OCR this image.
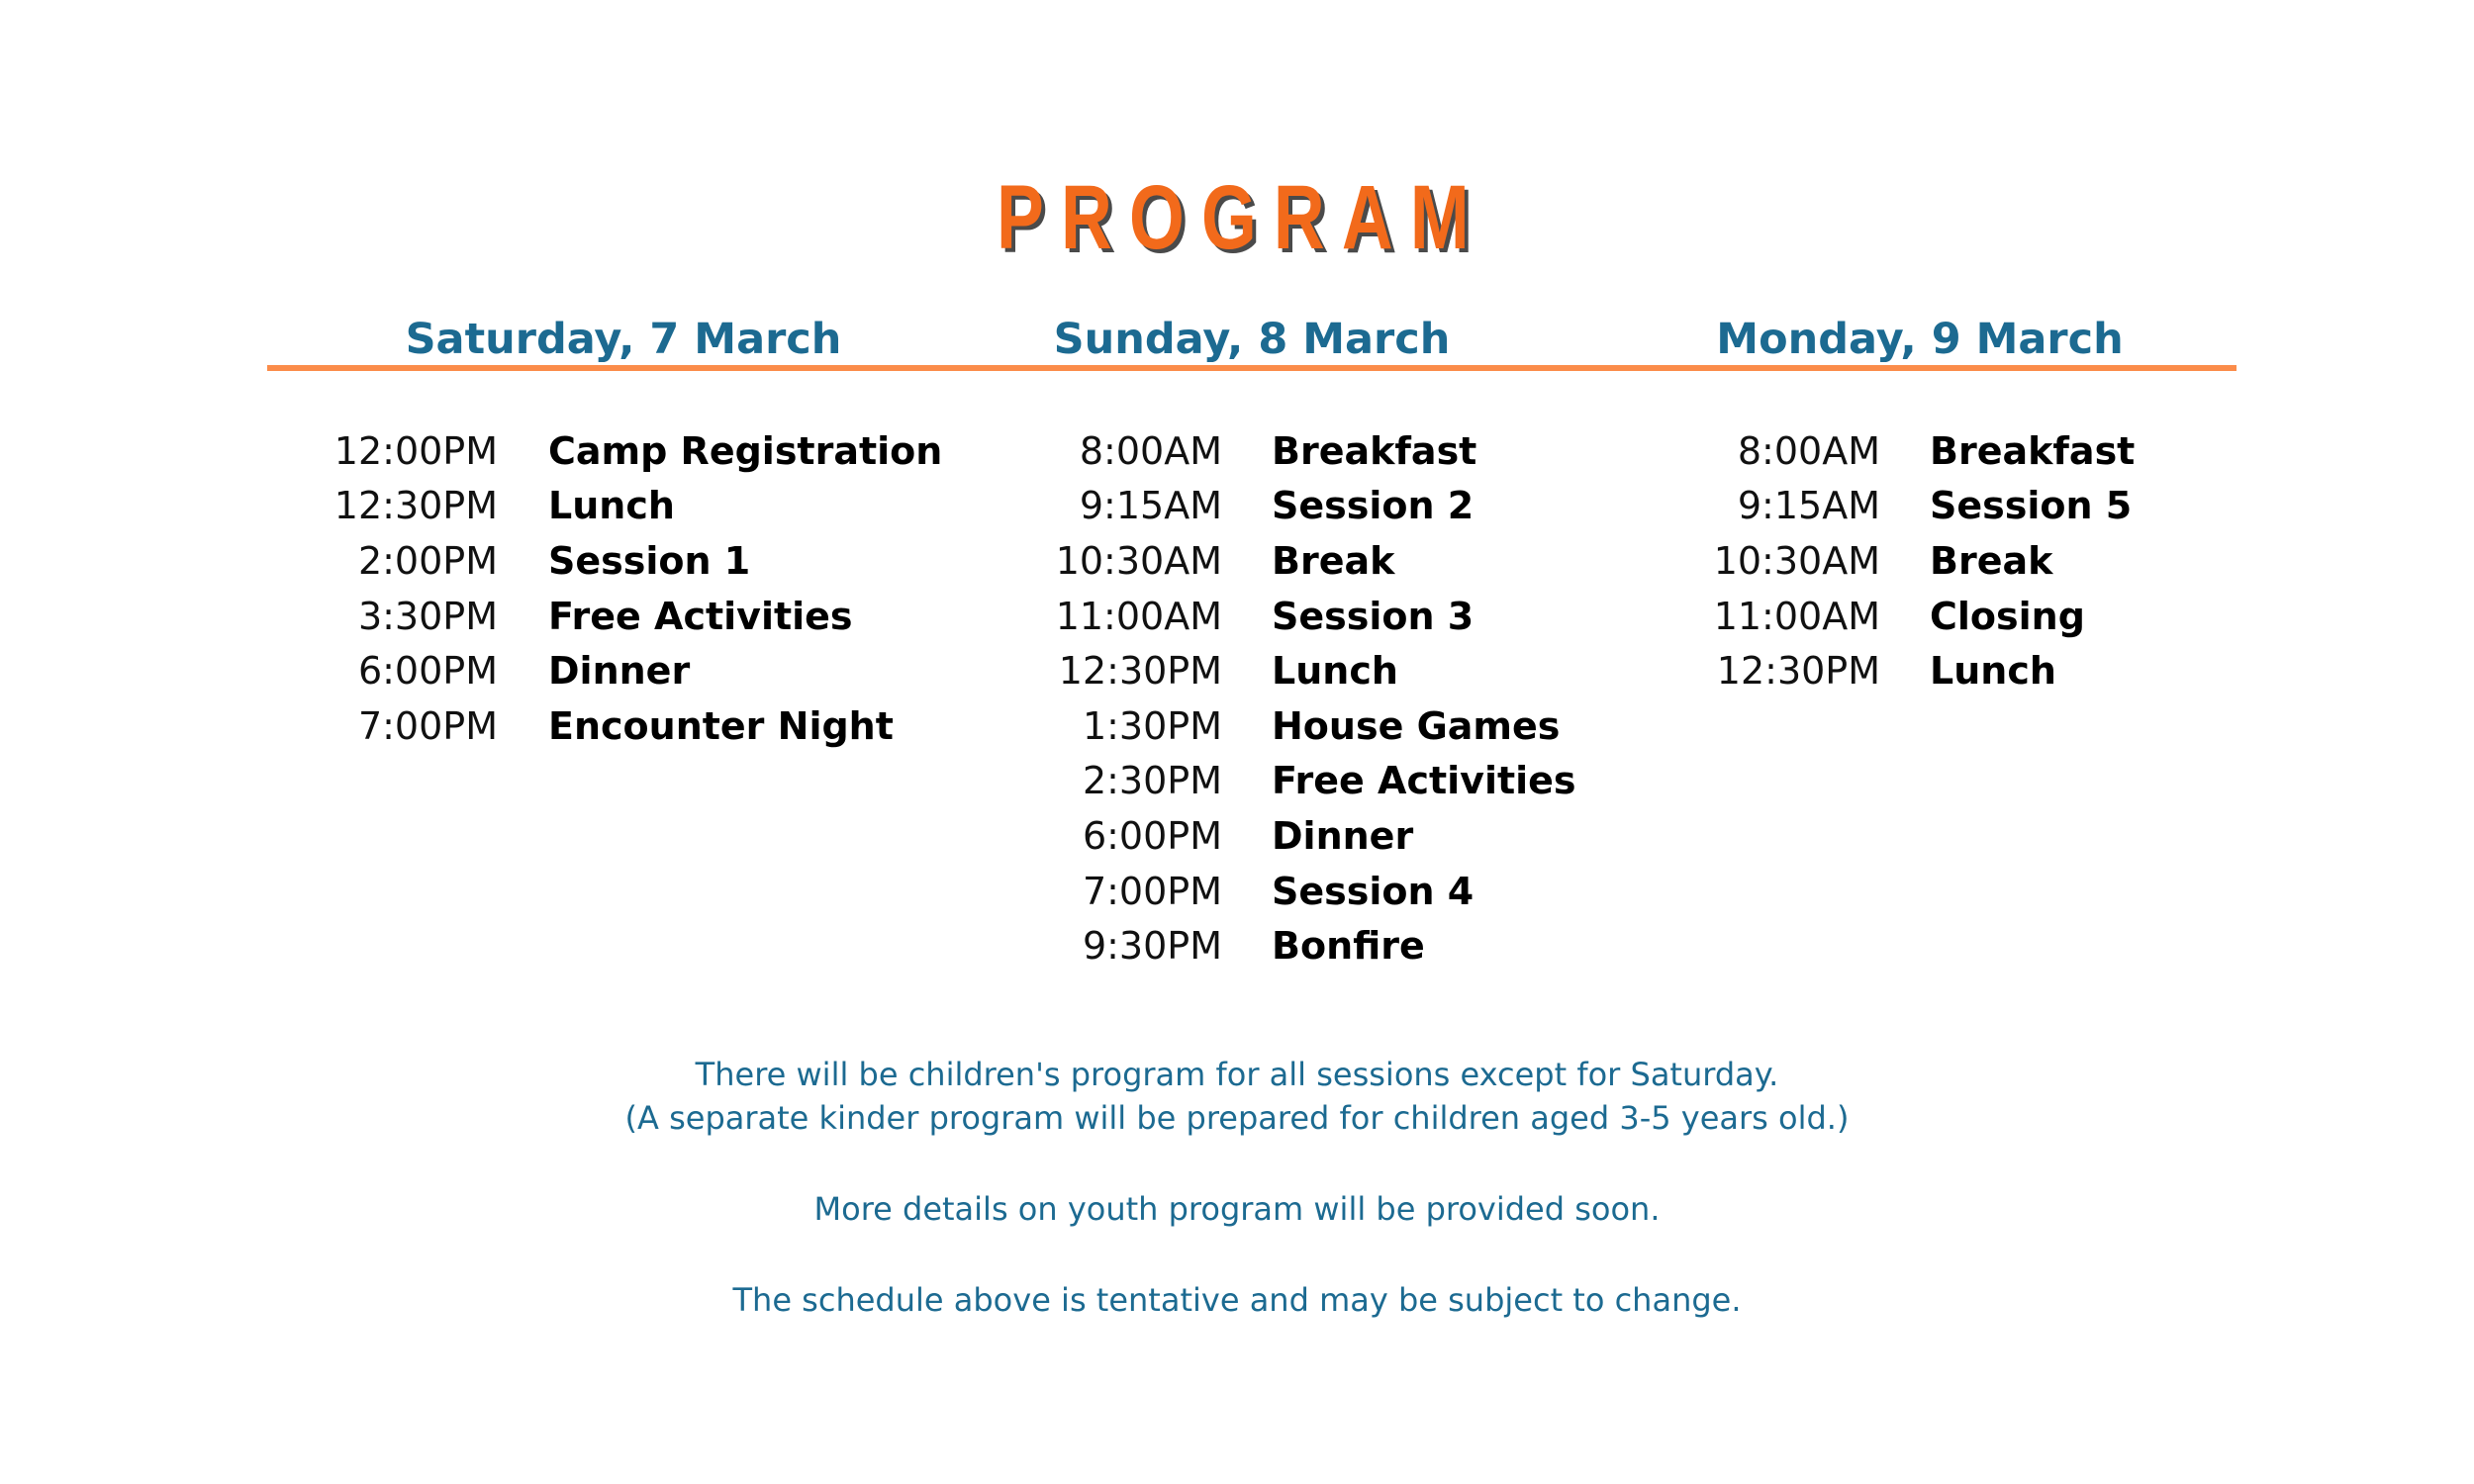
PROGRAM
Saturday, 7 March	Sunday, 8 March	Monday, 9 March
12:00PM Camp Registration
12:30PM Lunch
2:00PM Session 1
3:30PM Free Activities
6:00PM Dinner
7:00PM Encounter Night
8:00AM Breakfast
9:15AM Session 2
10:30AM Break
11:00AM Session 3
12:30PM Lunch
1:30PM House Games
2:30PM Free Activities
6:00PM Dinner
7:00PM Session 4
9:30PM Bonfire
8:00AM Breakfast
9:15AM Session 5
10:30AM Break
11:00AM Closing
12:30PM Lunch

There will be children's program for all sessions except for Saturday.

(A separate kinder program will be prepared for children aged 3-5 years old.)

More details on youth program will be provided soon.

The schedule above is tentative and may be subject to change.
